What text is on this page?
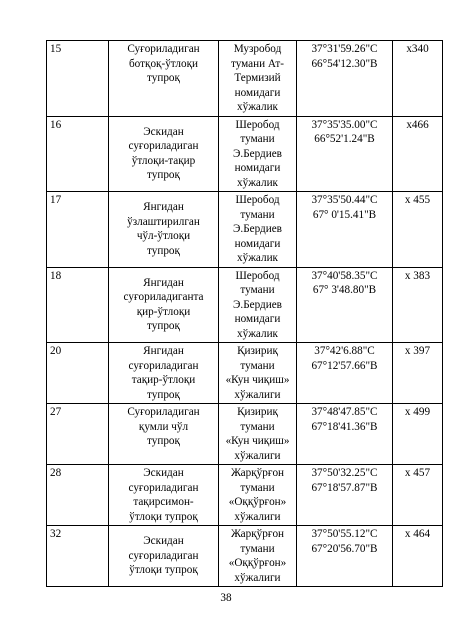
15	Суғориладиган
ботқоқ-ўтлоқи
тупроқ	Музробод
тумани Ат-
Термизий
номидаги
хўжалик	37°31'59.26"С
66°54'12.30"В	х340
16	Эскидан
суғориладиган
ўтлоқи-тақир
тупроқ	Шеробод
тумани
Э.Бердиев
номидаги
хўжалик	37°35'35.00"С
66°52'1.24"В	х466
17	Янгидан
ўзлаштирилган
чўл-ўтлоқи
тупроқ	Шеробод
тумани
Э.Бердиев
номидаги
хўжалик	37°35'50.44"С
67° 0'15.41"В	х 455
18	Янгидан
суғориладиганта
қир-ўтлоқи
тупроқ	Шеробод
тумани
Э.Бердиев
номидаги
хўжалик	37°40'58.35"С
67° 3'48.80"В	х 383
20	Янгидан
суғориладиган
тақир-ўтлоқи
тупроқ	Қизириқ тумани
«Кун чиқиш»
хўжалиги	37°42'6.88"С
67°12'57.66"В	х 397
27	Суғориладиган
қумли чўл
тупроқ	Қизириқ тумани
«Кун чиқиш»
хўжалиги	37°48'47.85"С
67°18'41.36"В	х 499
28	Эскидан
суғориладиган
тақирсимон-
ўтлоқи тупроқ	Жарқўрғон
тумани
«Оққўрғон»
хўжалиги	37°50'32.25"С
67°18'57.87"В	х 457
32	Эскидан
суғориладиган
ўтлоқи тупроқ	Жарқўрғон
тумани
«Оққўрғон»
хўжалиги	37°50'55.12"С
67°20'56.70"В	х 464
38
